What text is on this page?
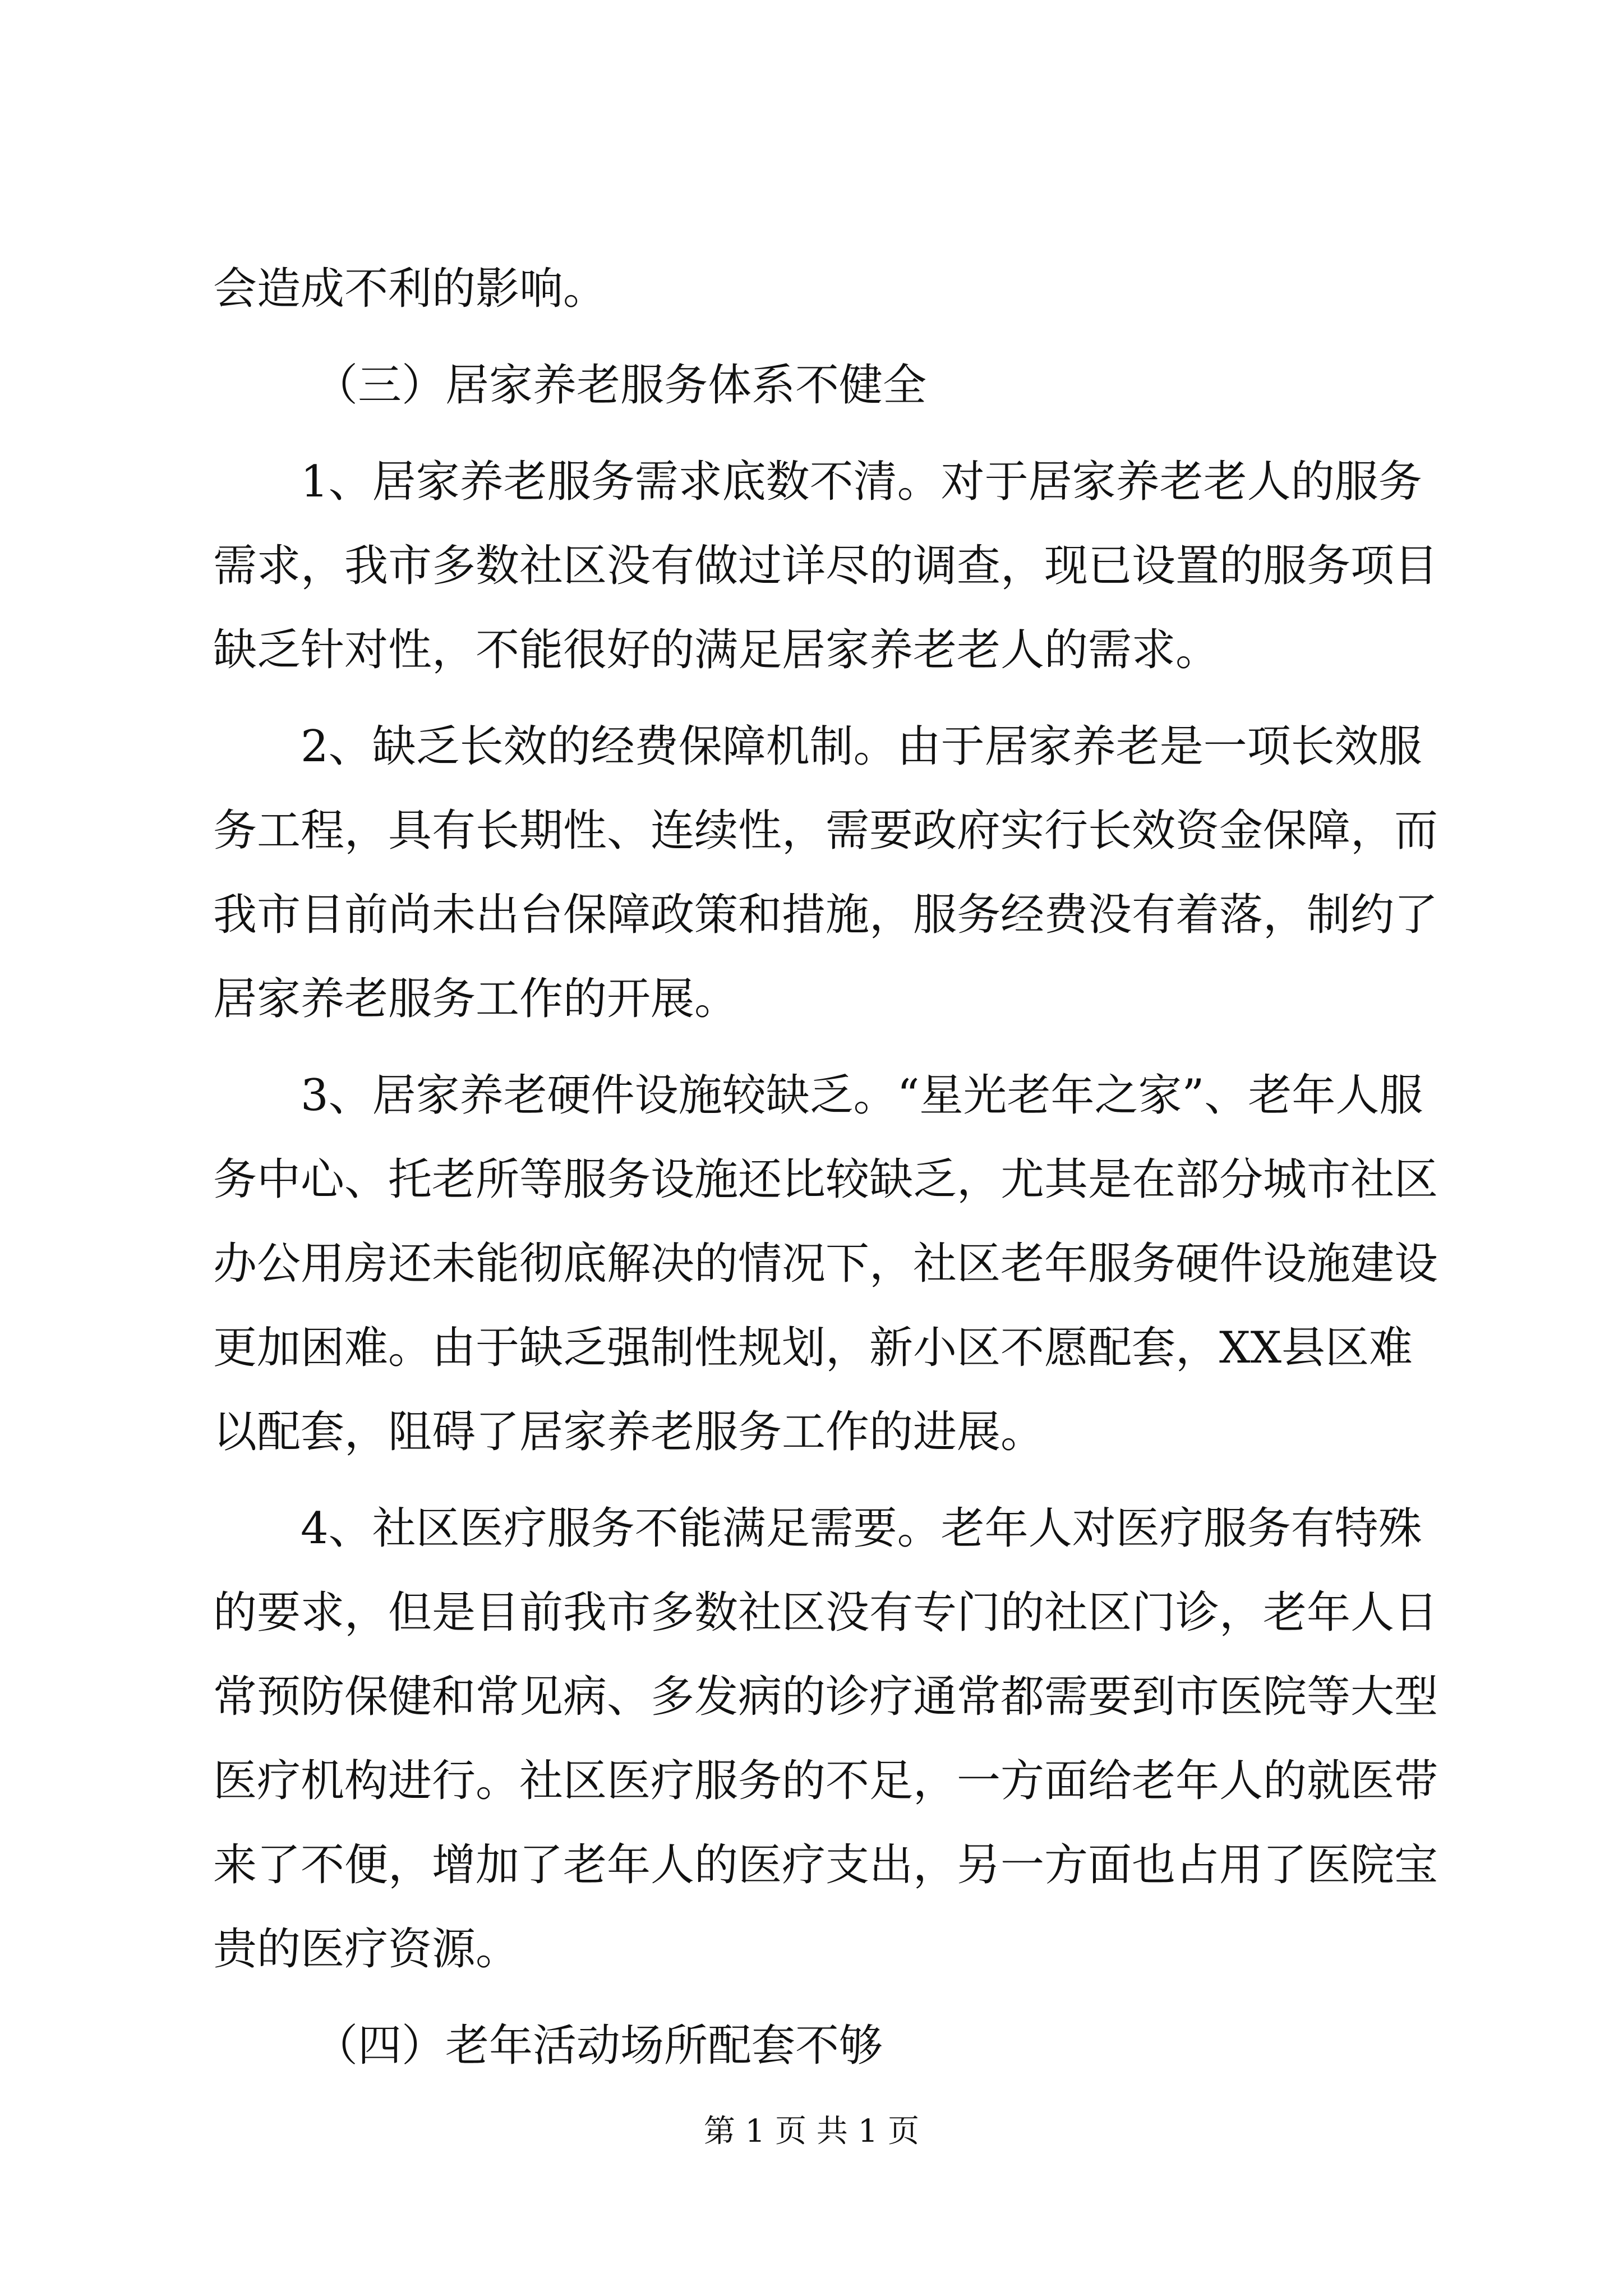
会造成不利的影响。
（三）居家养老服务体系不健全
1、居家养老服务需求底数不清。对于居家养老老人的服务
需求，我市多数社区没有做过详尽的调查，现已设置的服务项目
缺乏针对性，不能很好的满足居家养老老人的需求。
2、缺乏长效的经费保障机制。由于居家养老是一项长效服
务工程，具有长期性、连续性，需要政府实行长效资金保障，而
我市目前尚未出台保障政策和措施，服务经费没有着落，制约了
居家养老服务工作的开展。
3、居家养老硬件设施较缺乏。“星光老年之家”、老年人服
务中心、托老所等服务设施还比较缺乏，尤其是在部分城市社区
办公用房还未能彻底解决的情况下，社区老年服务硬件设施建设
更加困难。由于缺乏强制性规划，新小区不愿配套，XX县区难
以配套，阻碍了居家养老服务工作的进展。
4、社区医疗服务不能满足需要。老年人对医疗服务有特殊
的要求，但是目前我市多数社区没有专门的社区门诊，老年人日
常预防保健和常见病、多发病的诊疗通常都需要到市医院等大型
医疗机构进行。社区医疗服务的不足，一方面给老年人的就医带
来了不便，增加了老年人的医疗支出，另一方面也占用了医院宝
贵的医疗资源。
（四）老年活动场所配套不够
第 1 页 共 1 页
